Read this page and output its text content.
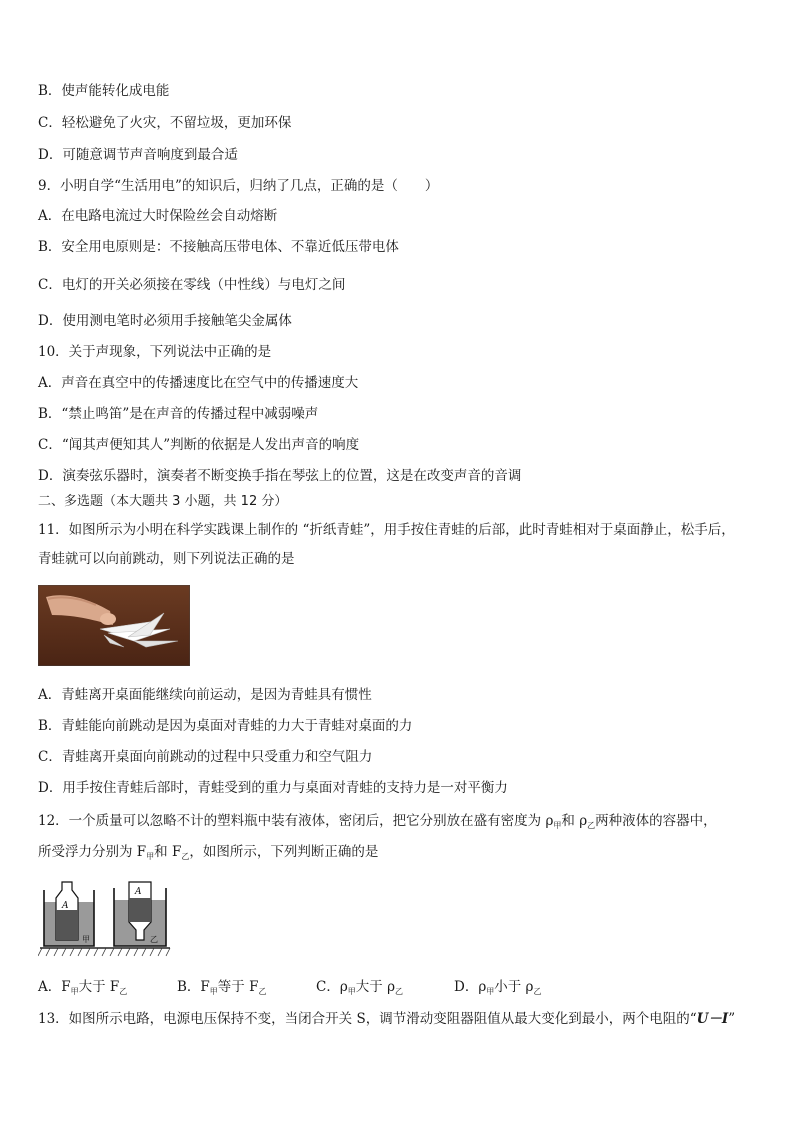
B．使声能转化成电能
C．轻松避免了火灾，不留垃圾，更加环保
D．可随意调节声音响度到最合适
9．小明自学“生活用电”的知识后，归纳了几点，正确的是（　　）
A．在电路电流过大时保险丝会自动熔断
B．安全用电原则是：不接触高压带电体、不靠近低压带电体
C．电灯的开关必须接在零线（中性线）与电灯之间
D．使用测电笔时必须用手接触笔尖金属体
10．关于声现象，下列说法中正确的是
A．声音在真空中的传播速度比在空气中的传播速度大
B．“禁止鸣笛”是在声音的传播过程中减弱噪声
C．“闻其声便知其人”判断的依据是人发出声音的响度
D．演奏弦乐器时，演奏者不断变换手指在琴弦上的位置，这是在改变声音的音调
二、多选题（本大题共 3 小题，共 12 分）
11．如图所示为小明在科学实践课上制作的 “折纸青蛙”，用手按住青蛙的后部，此时青蛙相对于桌面静止，松手后，
青蛙就可以向前跳动，则下列说法正确的是
A．青蛙离开桌面能继续向前运动，是因为青蛙具有惯性
B．青蛙能向前跳动是因为桌面对青蛙的力大于青蛙对桌面的力
C．青蛙离开桌面向前跳动的过程中只受重力和空气阻力
D．用手按住青蛙后部时，青蛙受到的重力与桌面对青蛙的支持力是一对平衡力
12．一个质量可以忽略不计的塑料瓶中装有液体，密闭后，把它分别放在盛有密度为 $\rho_甲$和 $\rho_乙$两种液体的容器中，
所受浮力分别为 $F_甲$和 $F_乙$，如图所示，下列判断正确的是
A
甲
A
乙
A．$F_甲$大于 $F_乙$	B．$F_甲$等于 $F_乙$	C．$\rho_甲$大于 $\rho_乙$	D．$\rho_甲$小于 $\rho_乙$
13．如图所示电路，电源电压保持不变，当闭合开关 S，调节滑动变阻器阻值从最大变化到最小，两个电阻的“U－I”
